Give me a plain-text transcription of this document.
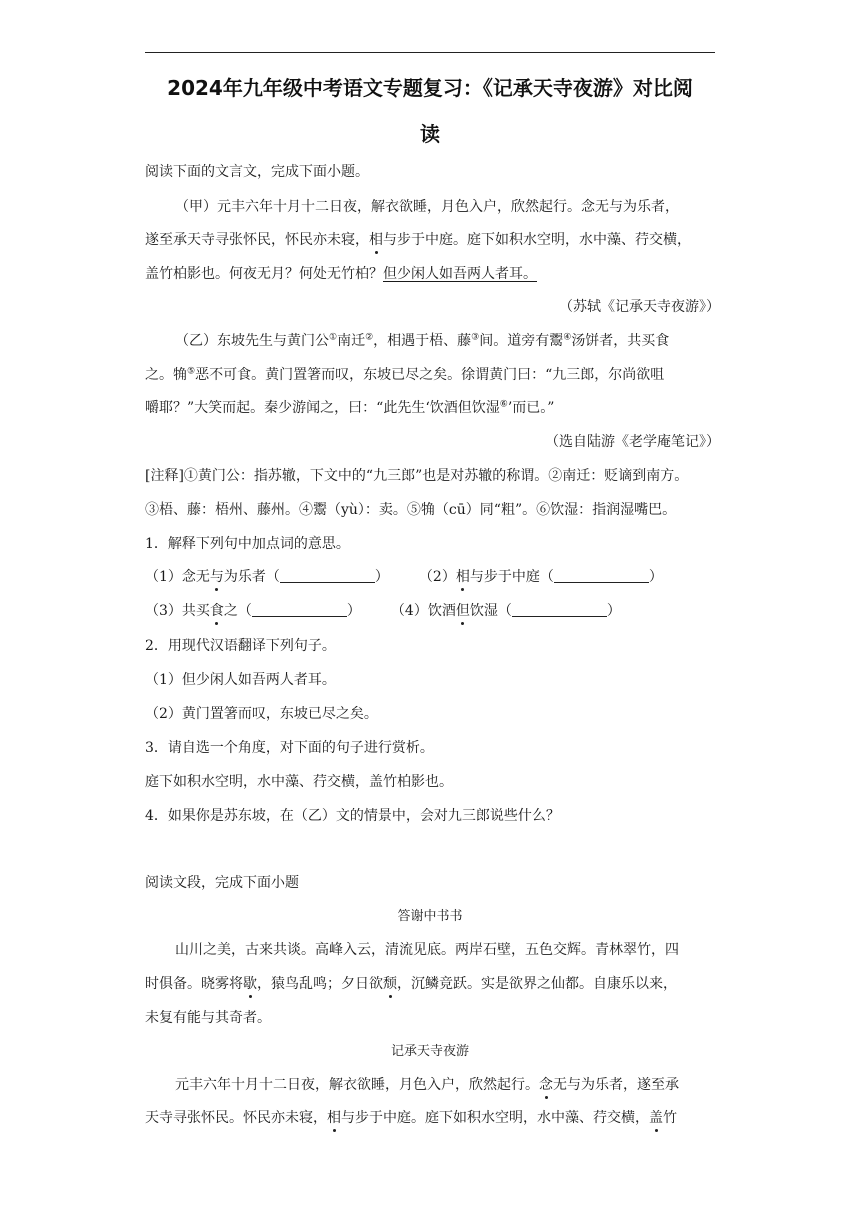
2024年九年级中考语文专题复习：《记承天寺夜游》对比阅
读
阅读下面的文言文，完成下面小题。
（甲）元丰六年十月十二日夜，解衣欲睡，月色入户，欣然起行。念无与为乐者，
遂至承天寺寻张怀民，怀民亦未寝，相与步于中庭。庭下如积水空明，水中藻、荇交横，
盖竹柏影也。何夜无月？何处无竹柏？但少闲人如吾两人者耳。
（苏轼《记承天寺夜游》）
（乙）东坡先生与黄门公①南迁②，相遇于梧、藤③间。道旁有鬻④汤饼者，共买食
之。觕⑤恶不可食。黄门置箸而叹，东坡已尽之矣。徐谓黄门曰：“九三郎，尔尚欲咀
嚼耶？”大笑而起。秦少游闻之，曰：“此先生‘饮酒但饮湿⑥’而已。”
（选自陆游《老学庵笔记》）
[注释]①黄门公：指苏辙，下文中的“九三郎”也是对苏辙的称谓。②南迁：贬谪到南方。
③梧、藤：梧州、藤州。④鬻（yù）：卖。⑤觕（cū）同“粗”。⑥饮湿：指润湿嘴巴。
1．解释下列句中加点词的意思。
（1）念无与为乐者（	） （2）相与步于中庭（	）
（3）共买食之（	） （4）饮酒但饮湿（	）
2．用现代汉语翻译下列句子。
（1）但少闲人如吾两人者耳。
（2）黄门置箸而叹，东坡已尽之矣。
3．请自选一个角度，对下面的句子进行赏析。
庭下如积水空明，水中藻、荇交横，盖竹柏影也。
4．如果你是苏东坡，在（乙）文的情景中，会对九三郎说些什么？
阅读文段，完成下面小题
答谢中书书
山川之美，古来共谈。高峰入云，清流见底。两岸石壁，五色交辉。青林翠竹，四
时俱备。晓雾将歇，猿鸟乱鸣；夕日欲颓，沉鳞竞跃。实是欲界之仙都。自康乐以来，
未复有能与其奇者。
记承天寺夜游
元丰六年十月十二日夜，解衣欲睡，月色入户，欣然起行。念无与为乐者，遂至承
天寺寻张怀民。怀民亦未寝，相与步于中庭。庭下如积水空明，水中藻、荇交横，盖竹
